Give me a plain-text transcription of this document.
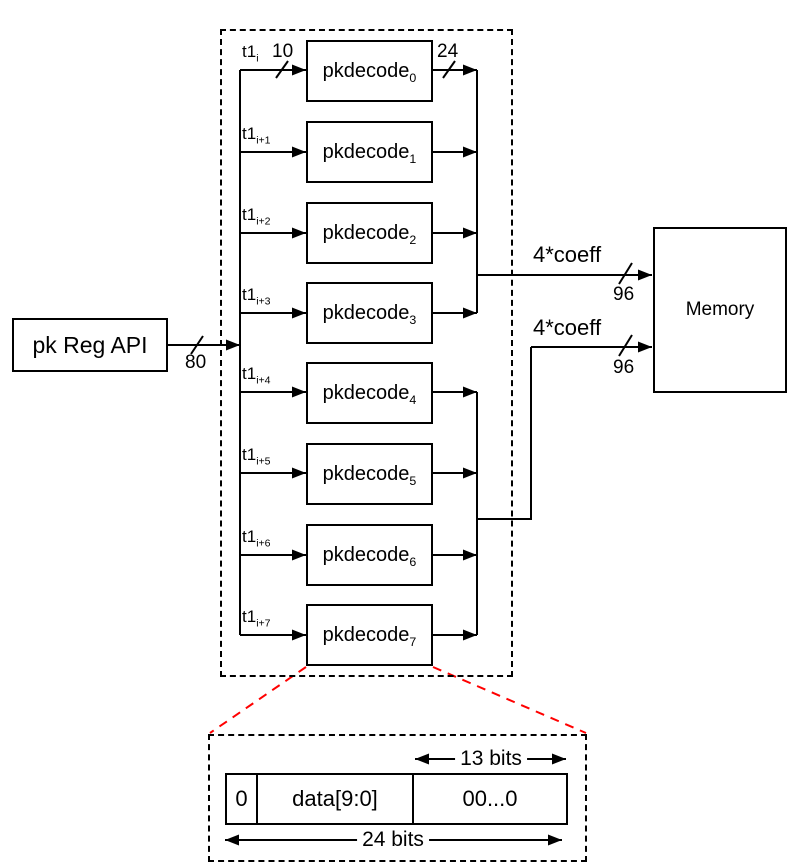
pk Reg API
Memory
pkdecode$_0$
pkdecode$_1$
pkdecode$_2$
pkdecode$_3$
pkdecode$_4$
pkdecode$_5$
pkdecode$_6$
pkdecode$_7$
$t1_i$
$t1_{i+1}$
$t1_{i+2}$
$t1_{i+3}$
$t1_{i+4}$
$t1_{i+5}$
$t1_{i+6}$
$t1_{i+7}$
10	24
80
96
96
4*coeff
4*coeff
0	data[9:0]	00...0
13 bits
24 bits
